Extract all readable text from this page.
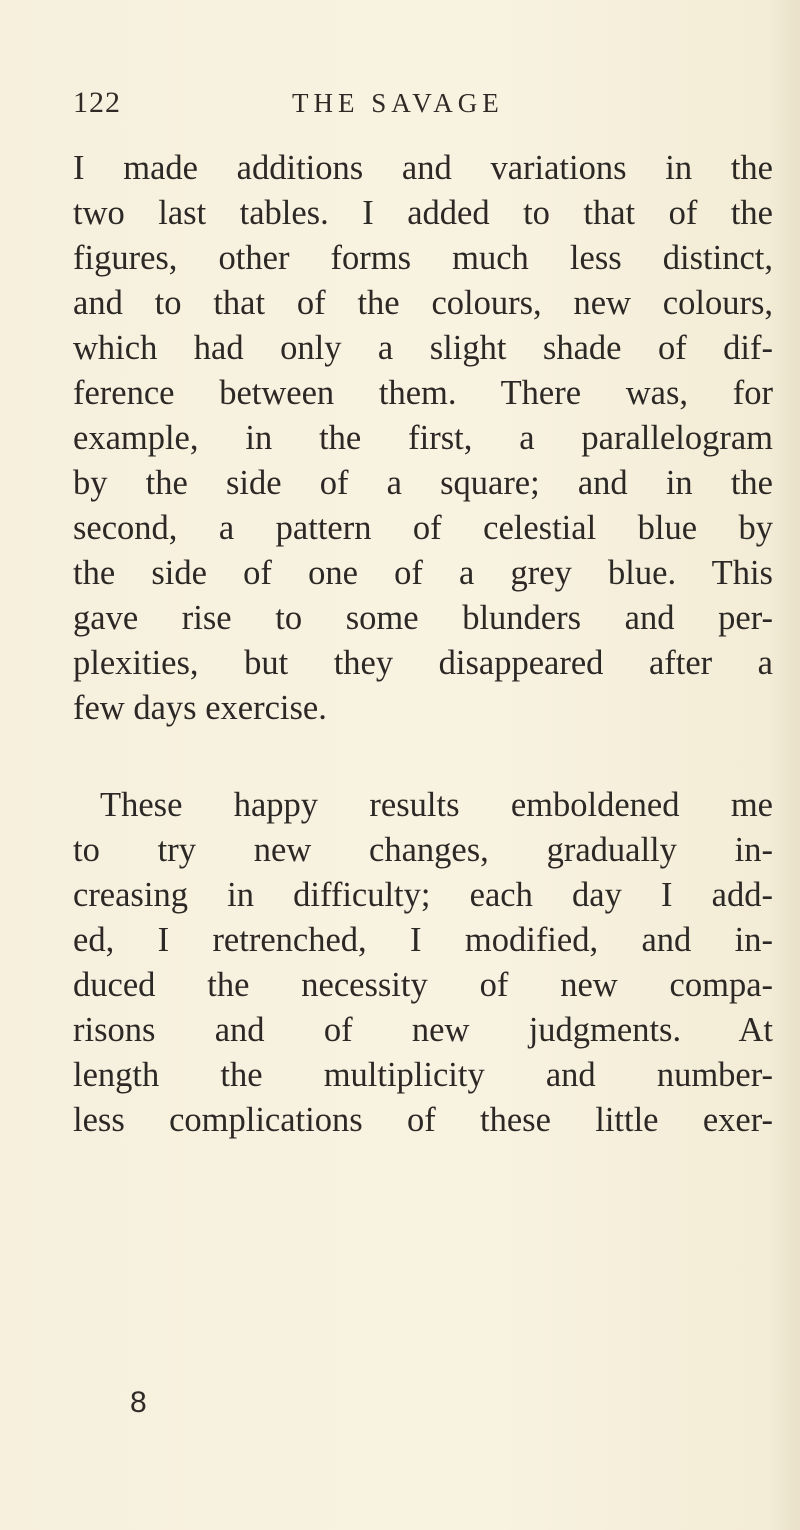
122	THE SAVAGE
I made additions and variations in the
two last tables. I added to that of the
figures, other forms much less distinct,
and to that of the colours, new colours,
which had only a slight shade of dif-
ference between them. There was, for
example, in the first, a parallelogram
by the side of a square; and in the
second, a pattern of celestial blue by
the side of one of a grey blue. This
gave rise to some blunders and per-
plexities, but they disappeared after a
few days exercise.
These happy results emboldened me
to try new changes, gradually in-
creasing in difficulty; each day I add-
ed, I retrenched, I modified, and in-
duced the necessity of new compa-
risons and of new judgments. At
length the multiplicity and number-
less complications of these little exer-
8
